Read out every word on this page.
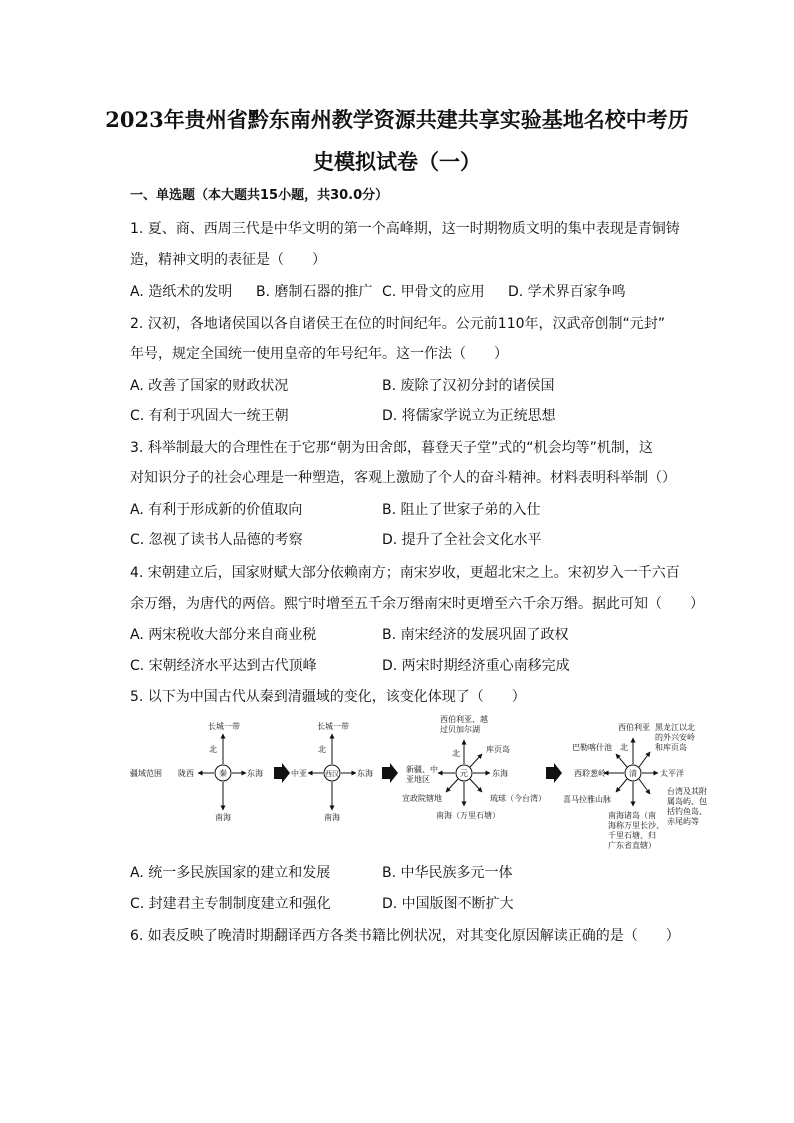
2023年贵州省黔东南州教学资源共建共享实验基地名校中考历
史模拟试卷（一）
一、单选题（本大题共15小题，共30.0分）
1. 夏、商、西周三代是中华文明的第一个高峰期，这一时期物质文明的集中表现是青铜铸
造，精神文明的表征是（　　）
A. 造纸术的发明 B. 磨制石器的推广 C. 甲骨文的应用 D. 学术界百家争鸣
2. 汉初，各地诸侯国以各自诸侯王在位的时间纪年。公元前110年，汉武帝创制“元封”
年号，规定全国统一使用皇帝的年号纪年。这一作法（　　）
A. 改善了国家的财政状况	B. 废除了汉初分封的诸侯国
C. 有利于巩固大一统王朝	D. 将儒家学说立为正统思想
3. 科举制最大的合理性在于它那“朝为田舍郎，暮登天子堂”式的“机会均等”机制，这
对知识分子的社会心理是一种塑造，客观上激励了个人的奋斗精神。材料表明科举制（）
A. 有利于形成新的价值取向	B. 阻止了世家子弟的入仕
C. 忽视了读书人品德的考察	D. 提升了全社会文化水平
4. 宋朝建立后，国家财赋大部分依赖南方；南宋岁收，更超北宋之上。宋初岁入一千六百
余万缗，为唐代的两倍。熙宁时增至五千余万缗南宋时更增至六千余万缗。据此可知（　　）
A. 两宋税收大部分来自商业税	B. 南宋经济的发展巩固了政权
C. 宋朝经济水平达到古代顶峰	D. 两宋时期经济重心南移完成
5. 以下为中国古代从秦到清疆域的变化，该变化体现了（　　）
疆域范围	秦
长城一带
北
陇西	东海
南海
西汉
长城一带
北
中亚	东海
南海
元
西伯利亚、越 过贝加尔湖
北	库页岛
新疆、中 亚地区
东海
宣政院辖地	琉球（今台湾）
南海（万里石塘）
清
西伯利亚
北
巴勒喀什池
黑龙江以北 的外兴安岭 和库页岛
西聆葱岭	太平洋
喜马拉雅山脉
台湾及其附 属岛屿、包 括钓鱼岛、 赤尾屿等
南海诸岛（南 海称万里长沙、 千里石塘、归 广东省直辖）
A. 统一多民族国家的建立和发展	B. 中华民族多元一体
C. 封建君主专制制度建立和强化	D. 中国版图不断扩大
6. 如表反映了晚清时期翻译西方各类书籍比例状况，对其变化原因解读正确的是（　　）
